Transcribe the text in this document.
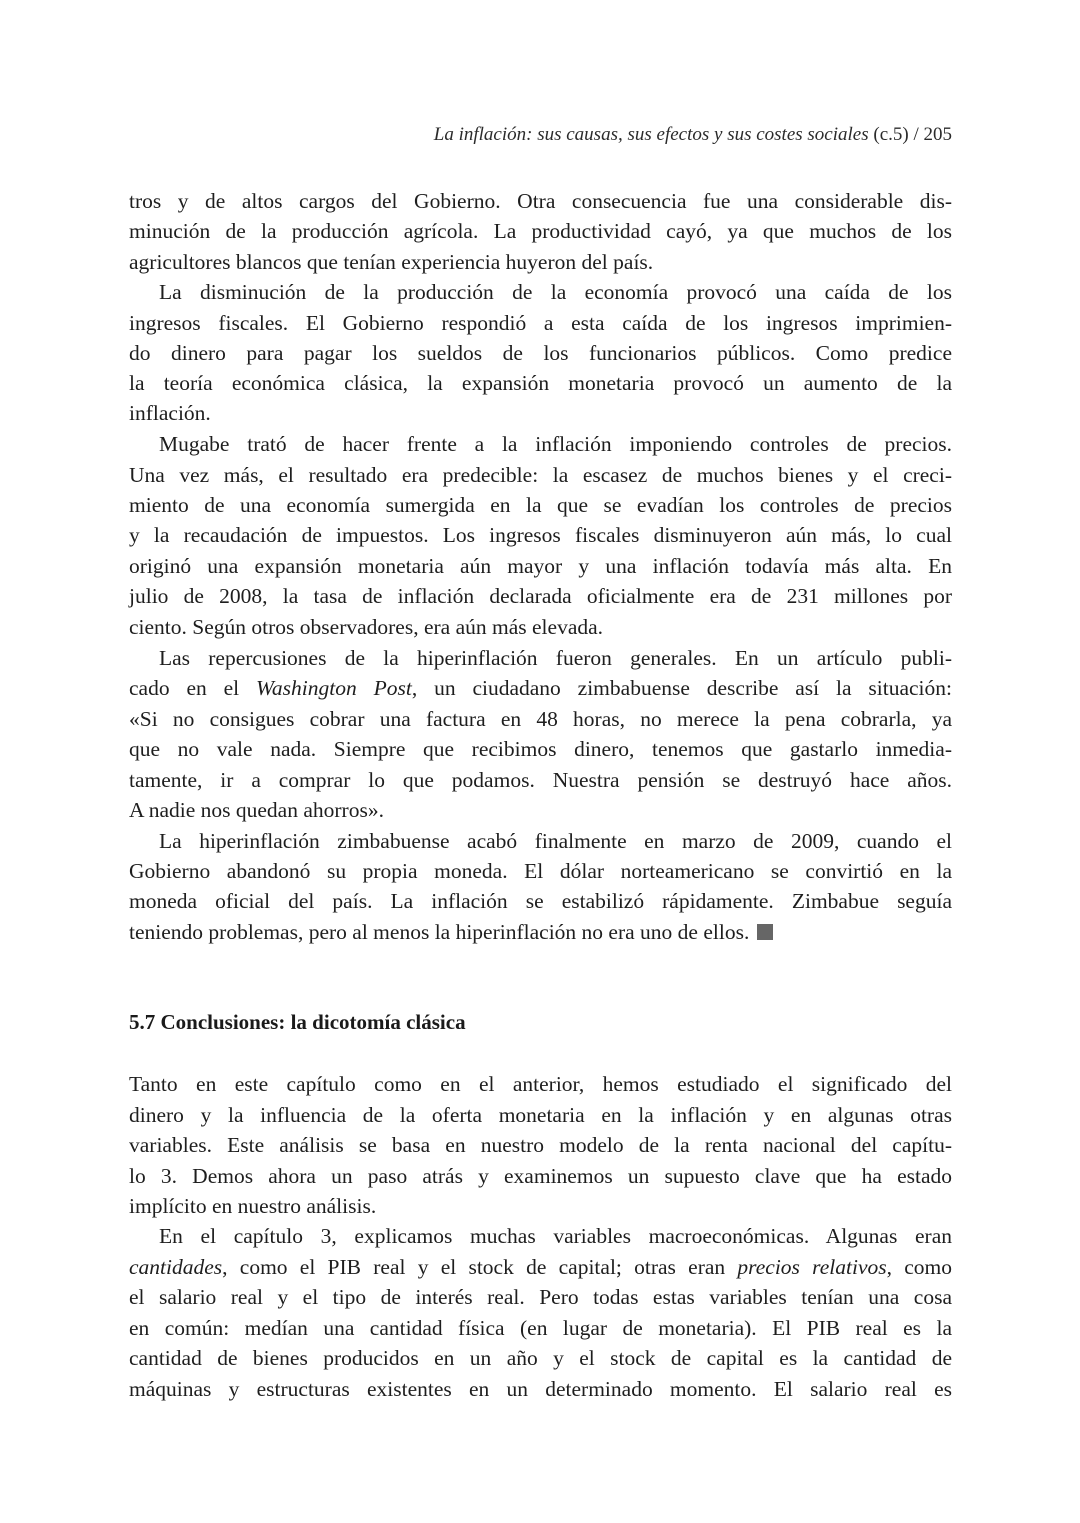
La inflación: sus causas, sus efectos y sus costes sociales (c.5) / 205
tros y de altos cargos del Gobierno. Otra consecuencia fue una considerable dis-
minución de la producción agrícola. La productividad cayó, ya que muchos de los
agricultores blancos que tenían experiencia huyeron del país.
La disminución de la producción de la economía provocó una caída de los
ingresos fiscales. El Gobierno respondió a esta caída de los ingresos imprimien-
do dinero para pagar los sueldos de los funcionarios públicos. Como predice
la teoría económica clásica, la expansión monetaria provocó un aumento de la
inflación.
Mugabe trató de hacer frente a la inflación imponiendo controles de precios.
Una vez más, el resultado era predecible: la escasez de muchos bienes y el creci-
miento de una economía sumergida en la que se evadían los controles de precios
y la recaudación de impuestos. Los ingresos fiscales disminuyeron aún más, lo cual
originó una expansión monetaria aún mayor y una inflación todavía más alta. En
julio de 2008, la tasa de inflación declarada oficialmente era de 231 millones por
ciento. Según otros observadores, era aún más elevada.
Las repercusiones de la hiperinflación fueron generales. En un artículo publi-
cado en el Washington Post, un ciudadano zimbabuense describe así la situación:
«Si no consigues cobrar una factura en 48 horas, no merece la pena cobrarla, ya
que no vale nada. Siempre que recibimos dinero, tenemos que gastarlo inmedia-
tamente, ir a comprar lo que podamos. Nuestra pensión se destruyó hace años.
A nadie nos quedan ahorros».
La hiperinflación zimbabuense acabó finalmente en marzo de 2009, cuando el
Gobierno abandonó su propia moneda. El dólar norteamericano se convirtió en la
moneda oficial del país. La inflación se estabilizó rápidamente. Zimbabue seguía
teniendo problemas, pero al menos la hiperinflación no era uno de ellos.
5.7 Conclusiones: la dicotomía clásica
Tanto en este capítulo como en el anterior, hemos estudiado el significado del
dinero y la influencia de la oferta monetaria en la inflación y en algunas otras
variables. Este análisis se basa en nuestro modelo de la renta nacional del capítu-
lo 3. Demos ahora un paso atrás y examinemos un supuesto clave que ha estado
implícito en nuestro análisis.
En el capítulo 3, explicamos muchas variables macroeconómicas. Algunas eran
cantidades, como el PIB real y el stock de capital; otras eran precios relativos, como
el salario real y el tipo de interés real. Pero todas estas variables tenían una cosa
en común: medían una cantidad física (en lugar de monetaria). El PIB real es la
cantidad de bienes producidos en un año y el stock de capital es la cantidad de
máquinas y estructuras existentes en un determinado momento. El salario real es
